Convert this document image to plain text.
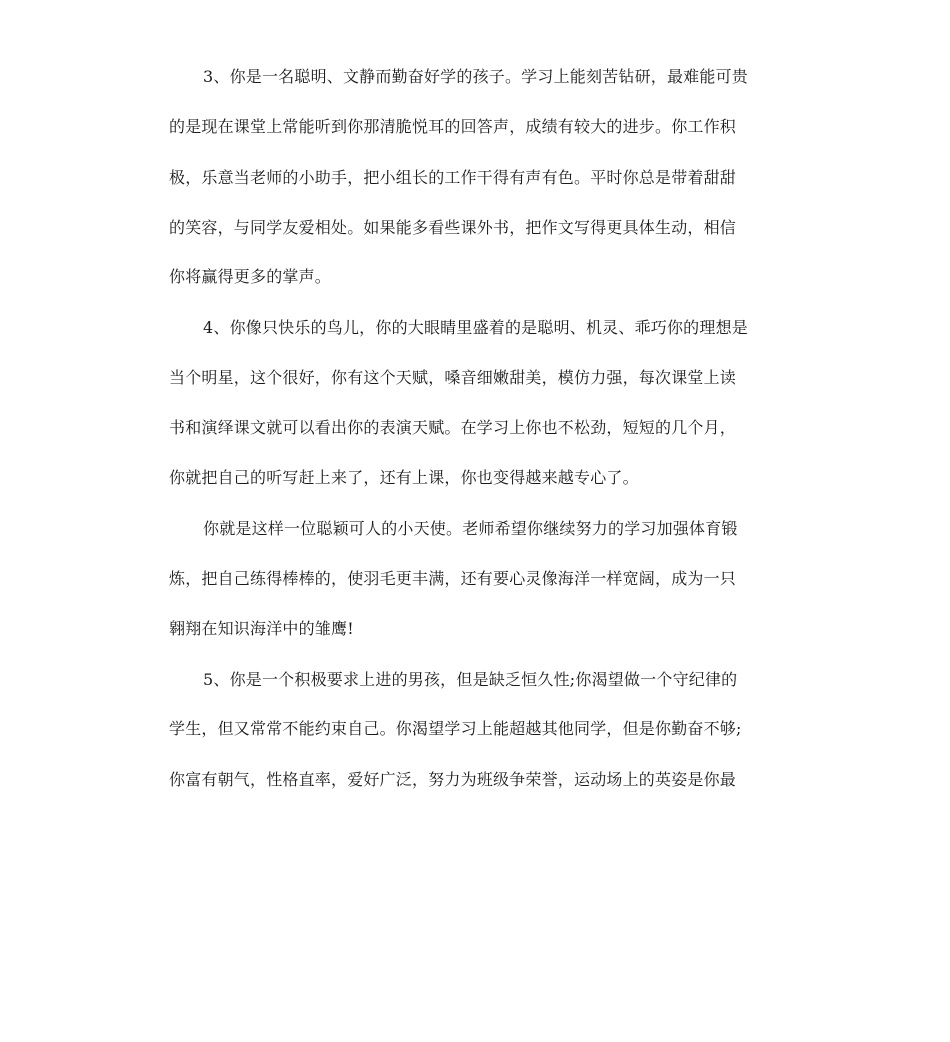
3、你是一名聪明、文静而勤奋好学的孩子。学习上能刻苦钻研，最难能可贵

的是现在课堂上常能听到你那清脆悦耳的回答声，成绩有较大的进步。你工作积

极，乐意当老师的小助手，把小组长的工作干得有声有色。平时你总是带着甜甜

的笑容，与同学友爱相处。如果能多看些课外书，把作文写得更具体生动，相信

你将赢得更多的掌声。

4、你像只快乐的鸟儿，你的大眼睛里盛着的是聪明、机灵、乖巧你的理想是

当个明星，这个很好，你有这个天赋，嗓音细嫩甜美，模仿力强，每次课堂上读

书和演绎课文就可以看出你的表演天赋。在学习上你也不松劲，短短的几个月，

你就把自己的听写赶上来了，还有上课，你也变得越来越专心了。

你就是这样一位聪颖可人的小天使。老师希望你继续努力的学习加强体育锻

炼，把自己练得棒棒的，使羽毛更丰满，还有要心灵像海洋一样宽阔，成为一只

翱翔在知识海洋中的雏鹰!

5、你是一个积极要求上进的男孩，但是缺乏恒久性;你渴望做一个守纪律的

学生，但又常常不能约束自己。你渴望学习上能超越其他同学，但是你勤奋不够;

你富有朝气，性格直率，爱好广泛，努力为班级争荣誉，运动场上的英姿是你最
